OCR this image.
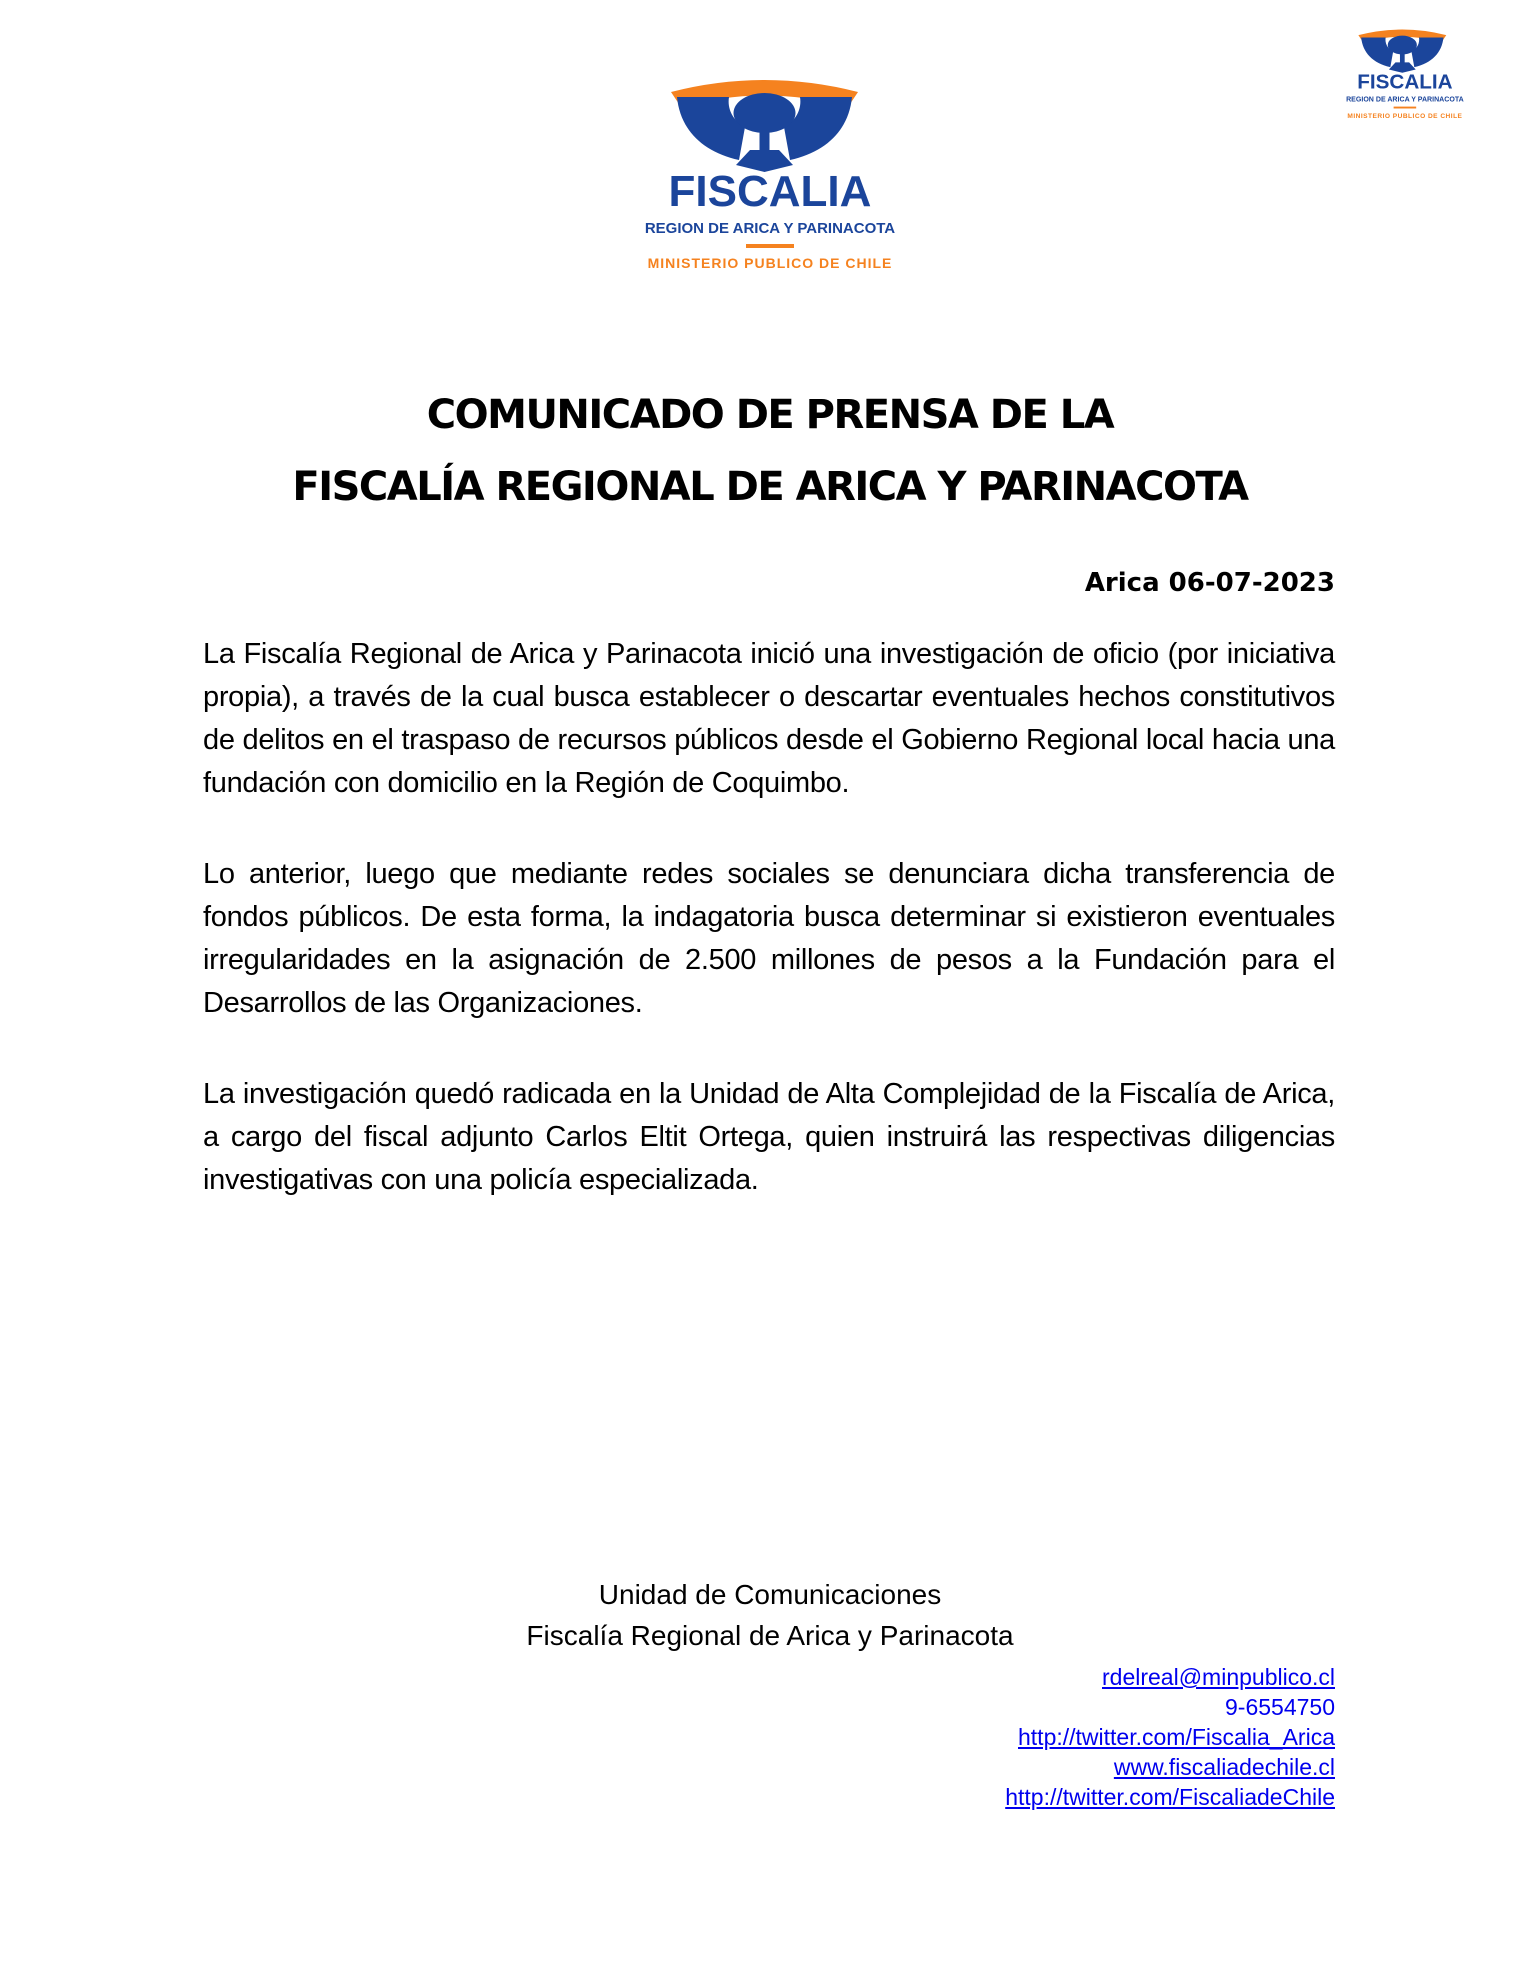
FISCALIA
REGION DE ARICA Y PARINACOTA
MINISTERIO PUBLICO DE CHILE
FISCALIA
REGION DE ARICA Y PARINACOTA
MINISTERIO PUBLICO DE CHILE
COMUNICADO DE PRENSA DE LA
FISCALÍA REGIONAL DE ARICA Y PARINACOTA
Arica 06-07-2023

La Fiscalía Regional de Arica y Parinacota inició una investigación de oficio (por iniciativa propia), a través de la cual busca establecer o descartar eventuales hechos constitutivos de delitos en el traspaso de recursos públicos desde el Gobierno Regional local hacia una fundación con domicilio en la Región de Coquimbo.

Lo anterior, luego que mediante redes sociales se denunciara dicha transferencia de fondos públicos. De esta forma, la indagatoria busca determinar si existieron eventuales irregularidades en la asignación de 2.500 millones de pesos a la Fundación para el Desarrollos de las Organizaciones.

La investigación quedó radicada en la Unidad de Alta Complejidad de la Fiscalía de Arica, a cargo del fiscal adjunto Carlos Eltit Ortega, quien instruirá las respectivas diligencias investigativas con una policía especializada.

Unidad de Comunicaciones
Fiscalía Regional de Arica y Parinacota
rdelreal@minpublico.cl
9-6554750
http://twitter.com/Fiscalia_Arica
www.fiscaliadechile.cl
http://twitter.com/FiscaliadeChile
